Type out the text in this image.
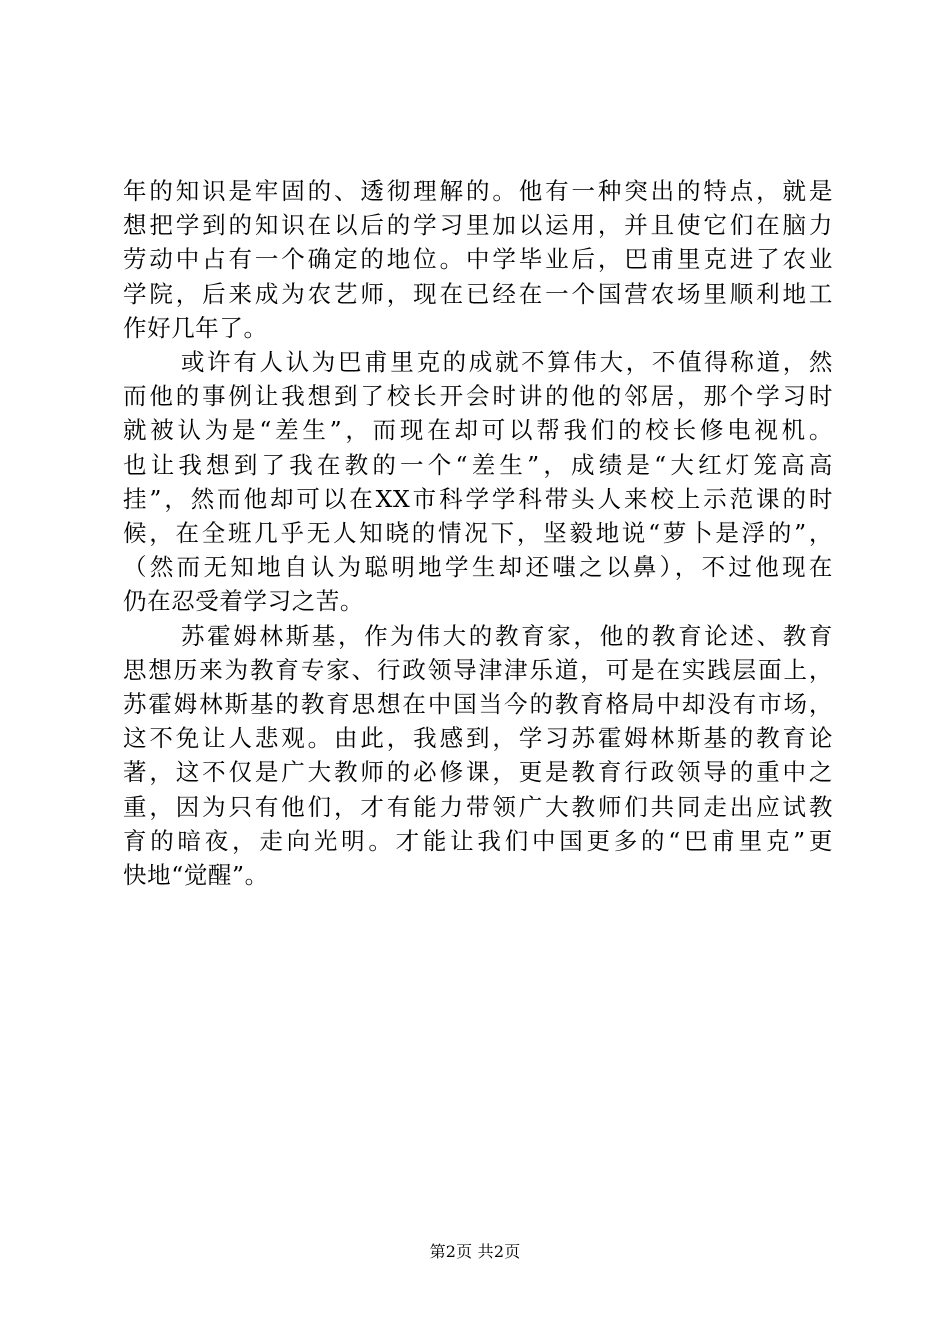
年的知识是牢固的、透彻理解的。他有一种突出的特点，就是
想把学到的知识在以后的学习里加以运用，并且使它们在脑力
劳动中占有一个确定的地位。中学毕业后，巴甫里克进了农业
学院，后来成为农艺师，现在已经在一个国营农场里顺利地工
作好几年了。

或许有人认为巴甫里克的成就不算伟大，不值得称道，然
而他的事例让我想到了校长开会时讲的他的邻居，那个学习时
就被认为是“差生”，而现在却可以帮我们的校长修电视机。
也让我想到了我在教的一个“差生”，成绩是“大红灯笼高高
挂”，然而他却可以在XX市科学学科带头人来校上示范课的时
候，在全班几乎无人知晓的情况下，坚毅地说“萝卜是浮的”，
（然而无知地自认为聪明地学生却还嗤之以鼻），不过他现在
仍在忍受着学习之苦。

苏霍姆林斯基，作为伟大的教育家，他的教育论述、教育
思想历来为教育专家、行政领导津津乐道，可是在实践层面上，
苏霍姆林斯基的教育思想在中国当今的教育格局中却没有市场，
这不免让人悲观。由此，我感到，学习苏霍姆林斯基的教育论
著，这不仅是广大教师的必修课，更是教育行政领导的重中之
重，因为只有他们，才有能力带领广大教师们共同走出应试教
育的暗夜，走向光明。才能让我们中国更多的“巴甫里克”更
快地“觉醒”。

第2页 共2页
